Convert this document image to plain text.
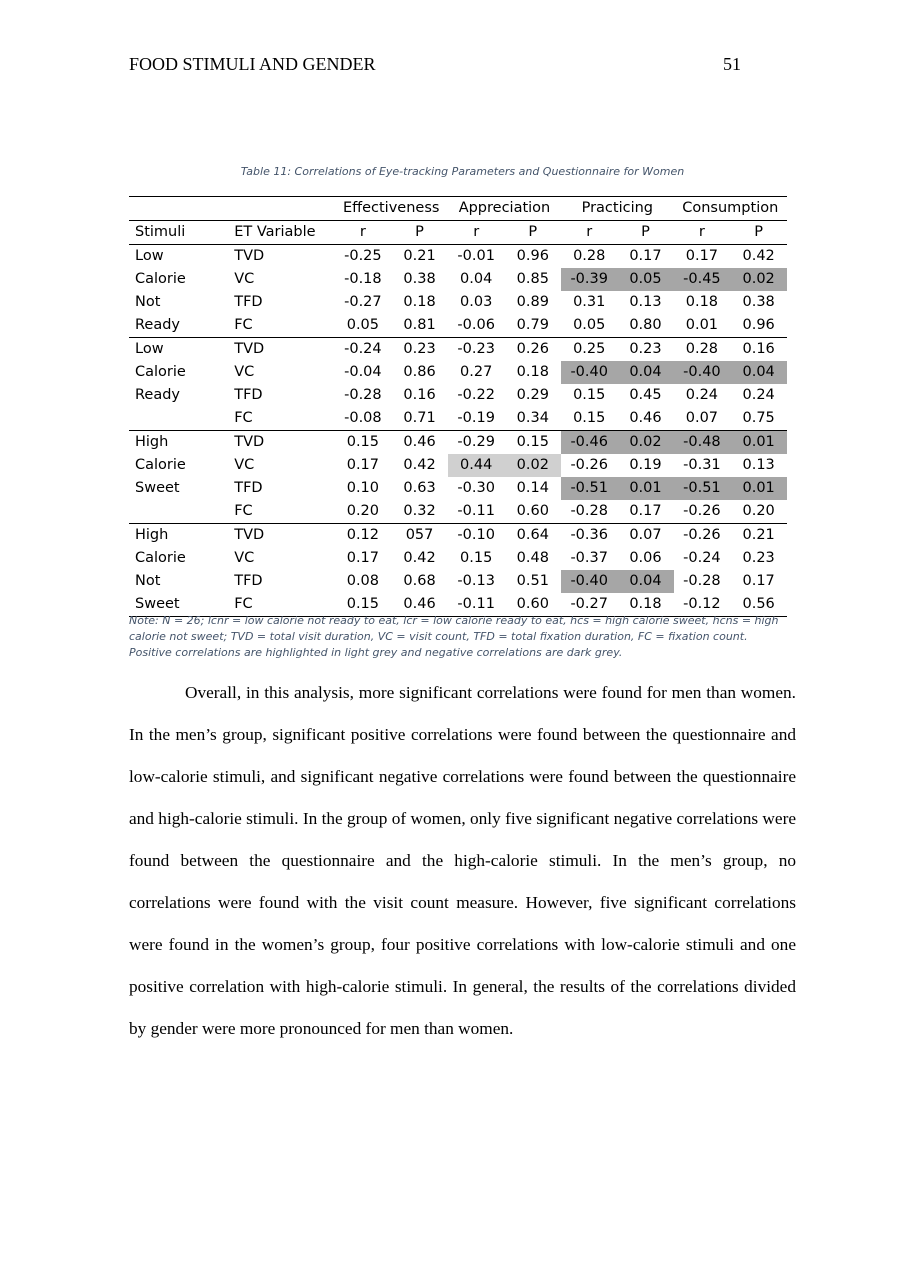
FOOD STIMULI AND GENDER	51
Table 11: Correlations of Eye-tracking Parameters and Questionnaire for Women
		Effectiveness		Appreciation		Practicing		Consumption	
Stimuli	ET Variable	r	P	r	P	r	P	r	P
Low	TVD	-0.25	0.21	-0.01	0.96	0.28	0.17	0.17	0.42
Calorie	VC	-0.18	0.38	0.04	0.85	-0.39	0.05	-0.45	0.02
Not	TFD	-0.27	0.18	0.03	0.89	0.31	0.13	0.18	0.38
Ready	FC	0.05	0.81	-0.06	0.79	0.05	0.80	0.01	0.96
Low	TVD	-0.24	0.23	-0.23	0.26	0.25	0.23	0.28	0.16
Calorie	VC	-0.04	0.86	0.27	0.18	-0.40	0.04	-0.40	0.04
Ready	TFD	-0.28	0.16	-0.22	0.29	0.15	0.45	0.24	0.24
	FC	-0.08	0.71	-0.19	0.34	0.15	0.46	0.07	0.75
High	TVD	0.15	0.46	-0.29	0.15	-0.46	0.02	-0.48	0.01
Calorie	VC	0.17	0.42	0.44	0.02	-0.26	0.19	-0.31	0.13
Sweet	TFD	0.10	0.63	-0.30	0.14	-0.51	0.01	-0.51	0.01
	FC	0.20	0.32	-0.11	0.60	-0.28	0.17	-0.26	0.20
High	TVD	0.12	057	-0.10	0.64	-0.36	0.07	-0.26	0.21
Calorie	VC	0.17	0.42	0.15	0.48	-0.37	0.06	-0.24	0.23
Not	TFD	0.08	0.68	-0.13	0.51	-0.40	0.04	-0.28	0.17
Sweet	FC	0.15	0.46	-0.11	0.60	-0.27	0.18	-0.12	0.56
Note: N = 26; lcnr = low calorie not ready to eat, lcr = low calorie ready to eat, hcs = high calorie sweet, hcns = high calorie not sweet; TVD = total visit duration, VC = visit count, TFD = total fixation duration, FC = fixation count. Positive correlations are highlighted in light grey and negative correlations are dark grey.

Overall, in this analysis, more significant correlations were found for men than women. In the men’s group, significant positive correlations were found between the questionnaire and low-calorie stimuli, and significant negative correlations were found between the questionnaire and high-calorie stimuli. In the group of women, only five significant negative correlations were found between the questionnaire and the high-calorie stimuli. In the men’s group, no correlations were found with the visit count measure. However, five significant correlations were found in the women’s group, four positive correlations with low-calorie stimuli and one positive correlation with high-calorie stimuli. In general, the results of the correlations divided by gender were more pronounced for men than women.
